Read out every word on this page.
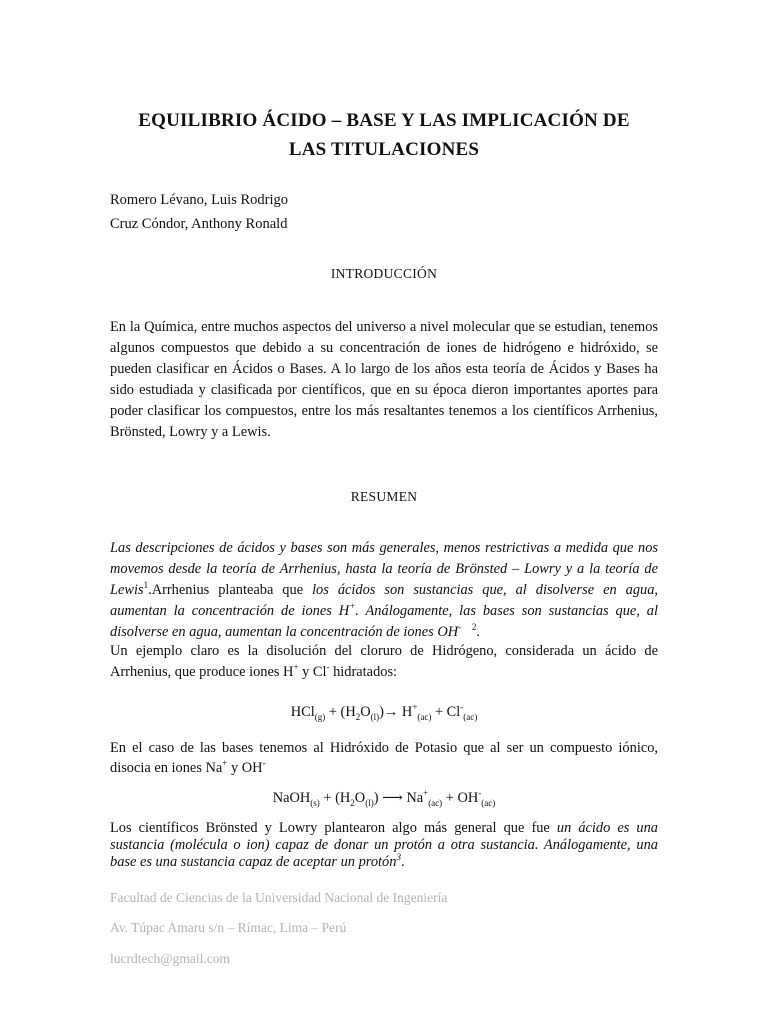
EQUILIBRIO ÁCIDO – BASE Y LAS IMPLICACIÓN DE
LAS TITULACIONES
Romero Lévano, Luis Rodrigo
Cruz Cóndor, Anthony Ronald
INTRODUCCIÓN
En la Química, entre muchos aspectos del universo a nivel molecular que se estudian, tenemos algunos compuestos que debido a su concentración de iones de hidrógeno e hidróxido, se pueden clasificar en Ácidos o Bases. A lo largo de los años esta teoría de Ácidos y Bases ha sido estudiada y clasificada por científicos, que en su época dieron importantes aportes para poder clasificar los compuestos, entre los más resaltantes tenemos a los científicos Arrhenius, Brönsted, Lowry y a Lewis.
RESUMEN
Las descripciones de ácidos y bases son más generales, menos restrictivas a medida que nos movemos desde la teoría de Arrhenius, hasta la teoría de Brönsted – Lowry y a la teoría de Lewis$^1$.Arrhenius planteaba que los ácidos son sustancias que, al disolverse en agua, aumentan la concentración de iones H+. Análogamente, las bases son sustancias que, al disolverse en agua, aumentan la concentración de iones OH- $^2$.
Un ejemplo claro es la disolución del cloruro de Hidrógeno, considerada un ácido de Arrhenius, que produce iones H+ y Cl- hidratados:
$HCl_{(g)} + (H_2O_{(l)})\to H^+_{(ac)} + Cl^-_{(ac)}$
En el caso de las bases tenemos al Hidróxido de Potasio que al ser un compuesto iónico, disocia en iones Na+ y OH-
NaOH$_{(s)}$ + $(H_2O_{(l)})$ ⟶ $Na^+_{(ac)} + OH^-_{(ac)}$
Los científicos Brönsted y Lowry plantearon algo más general que fue un ácido es una sustancia (molécula o ion) capaz de donar un protón a otra sustancia. Análogamente, una base es una sustancia capaz de aceptar un protón$^3$.
Facultad de Ciencias de la Universidad Nacional de Ingeniería
Av. Túpac Amaru s/n – Rímac, Lima – Perú
lucrdtech@gmail.com
